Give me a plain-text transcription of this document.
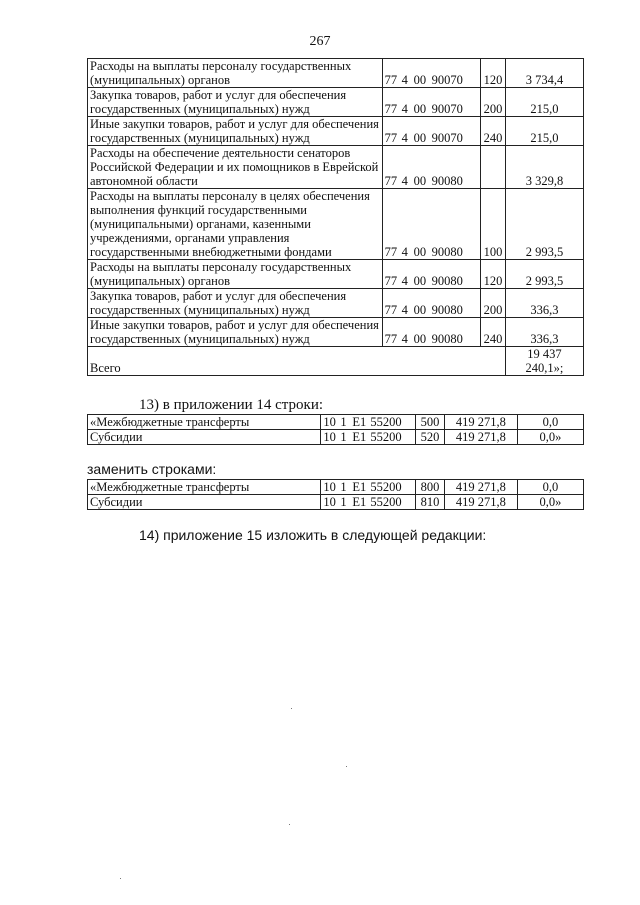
267
Расходы на выплаты персоналу государственных (муниципальных) органов	77 4 00 90070	120	3 734,4
Закупка товаров, работ и услуг для обеспечения государственных (муниципальных) нужд	77 4 00 90070	200	215,0
Иные закупки товаров, работ и услуг для обеспечения государственных (муниципальных) нужд	77 4 00 90070	240	215,0
Расходы на обеспечение деятельности сенаторов Российской Федерации и их помощников в Еврейской автономной области	77 4 00 90080		3 329,8
Расходы на выплаты персоналу в целях обеспечения выполнения функций государственными (муниципальными) органами, казенными учреждениями, органами управления государственными внебюджетными фондами	77 4 00 90080	100	2 993,5
Расходы на выплаты персоналу государственных (муниципальных) органов	77 4 00 90080	120	2 993,5
Закупка товаров, работ и услуг для обеспечения государственных (муниципальных) нужд	77 4 00 90080	200	336,3
Иные закупки товаров, работ и услуг для обеспечения государственных (муниципальных) нужд	77 4 00 90080	240	336,3
Всего			19 437 240,1»;
13) в приложении 14 строки:
«Межбюджетные трансферты	10 1 E1 55200	500	419 271,8	0,0
Субсидии	10 1 E1 55200	520	419 271,8	0,0»
заменить строками:
«Межбюджетные трансферты	10 1 E1 55200	800	419 271,8	0,0
Субсидии	10 1 E1 55200	810	419 271,8	0,0»
14) приложение 15 изложить в следующей редакции:
